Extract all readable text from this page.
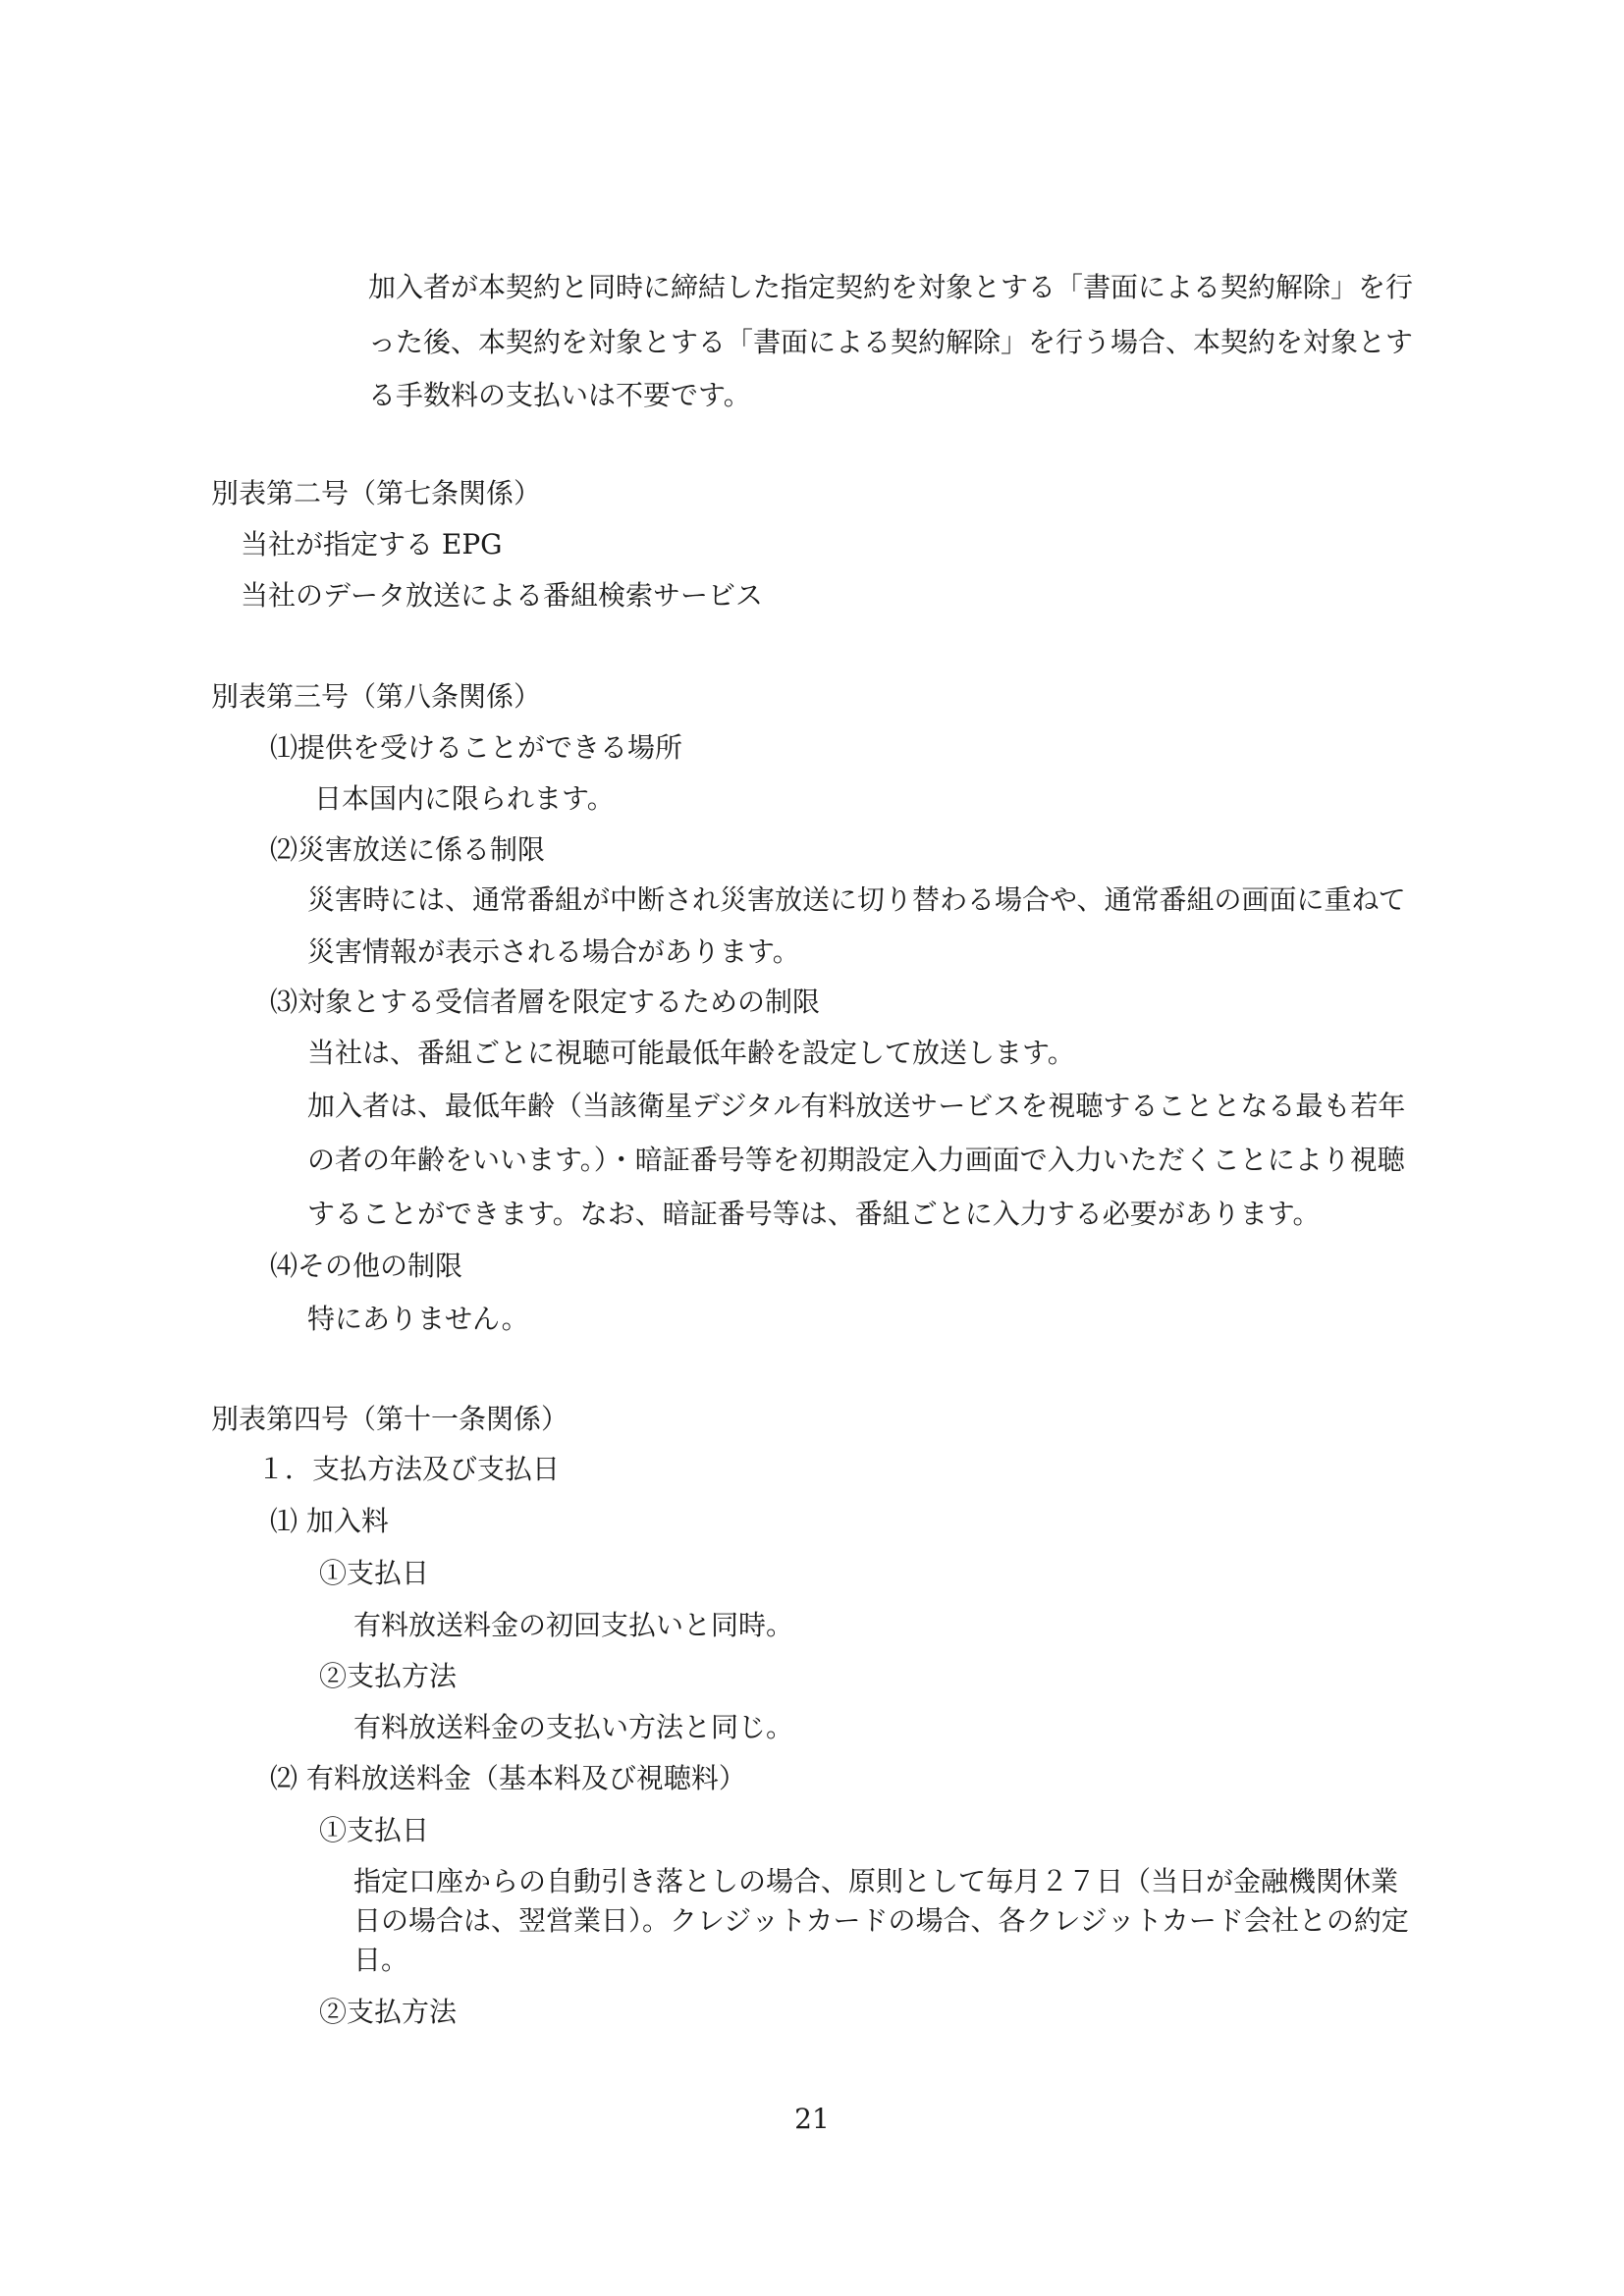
加入者が本契約と同時に締結した指定契約を対象とする「書面による契約解除」を行
った後、本契約を対象とする「書面による契約解除」を行う場合、本契約を対象とす
る手数料の支払いは不要です。
別表第二号（第七条関係）
当社が指定する EPG
当社のデータ放送による番組検索サービス
別表第三号（第八条関係）
⑴提供を受けることができる場所
日本国内に限られます。
⑵災害放送に係る制限
災害時には、通常番組が中断され災害放送に切り替わる場合や、通常番組の画面に重ねて
災害情報が表示される場合があります。
⑶対象とする受信者層を限定するための制限
当社は、番組ごとに視聴可能最低年齢を設定して放送します。
加入者は、最低年齢（当該衛星デジタル有料放送サービスを視聴することとなる最も若年
の者の年齢をいいます。）・暗証番号等を初期設定入力画面で入力いただくことにより視聴
することができます。なお、暗証番号等は、番組ごとに入力する必要があります。
⑷その他の制限
特にありません。
別表第四号（第十一条関係）
１．支払方法及び支払日
⑴ 加入料
①支払日
有料放送料金の初回支払いと同時。
②支払方法
有料放送料金の支払い方法と同じ。
⑵ 有料放送料金（基本料及び視聴料）
①支払日
指定口座からの自動引き落としの場合、原則として毎月２７日（当日が金融機関休業
日の場合は、翌営業日）。クレジットカードの場合、各クレジットカード会社との約定
日。
②支払方法
21
